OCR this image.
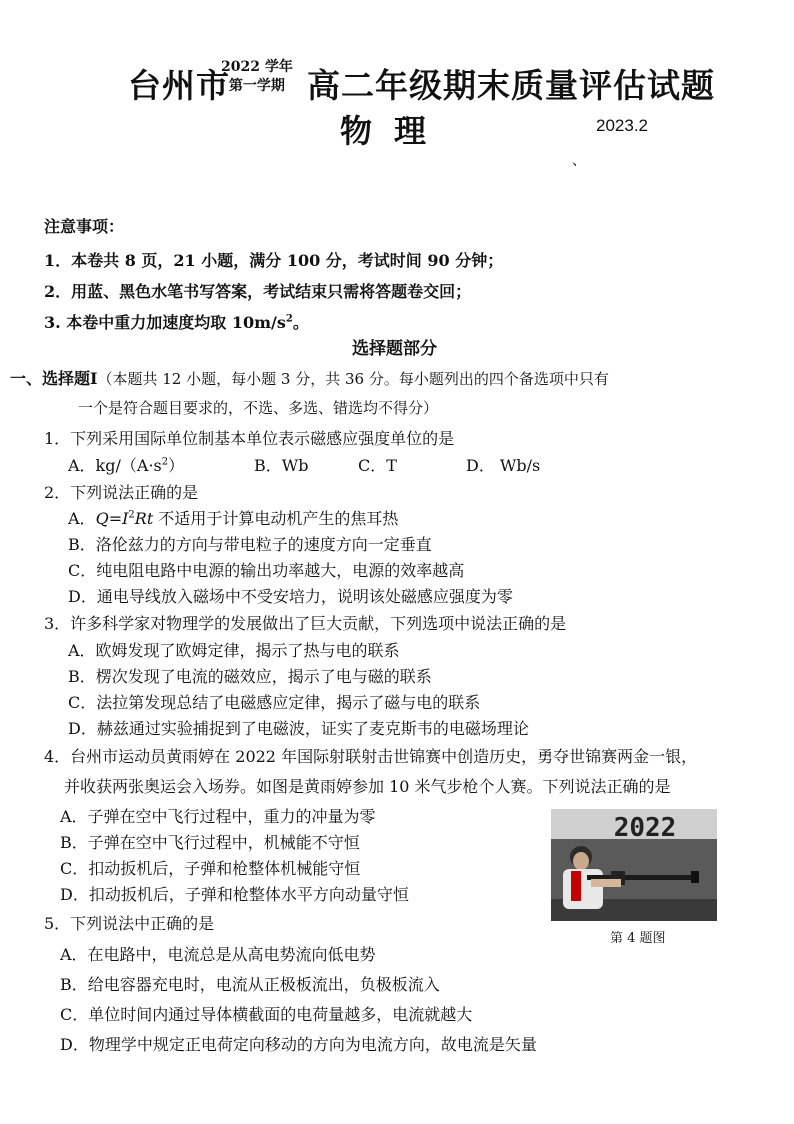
台州市
2022 学年
第一学期 高二年级期末质量评估试题
物理	2023.2
、
注意事项：
1．本卷共 8 页，21 小题，满分 100 分，考试时间 90 分钟；
2．用蓝、黑色水笔书写答案，考试结束只需将答题卷交回；
3. 本卷中重力加速度均取 $10m/s^2$。
选择题部分
一、选择题Ⅰ（本题共 12 小题，每小题 3 分，共 36 分。每小题列出的四个备选项中只有
一个是符合题目要求的，不选、多选、错选均不得分）
1．下列采用国际单位制基本单位表示磁感应强度单位的是
A．$kg/(A\cdot s^2)$	B．Wb	C．T	D． Wb/s
2．下列说法正确的是
A．$Q=I^2Rt$ 不适用于计算电动机产生的焦耳热
B．洛伦兹力的方向与带电粒子的速度方向一定垂直
C．纯电阻电路中电源的输出功率越大，电源的效率越高
D．通电导线放入磁场中不受安培力，说明该处磁感应强度为零
3．许多科学家对物理学的发展做出了巨大贡献，下列选项中说法正确的是
A．欧姆发现了欧姆定律，揭示了热与电的联系
B．楞次发现了电流的磁效应，揭示了电与磁的联系
C．法拉第发现总结了电磁感应定律，揭示了磁与电的联系
D．赫兹通过实验捕捉到了电磁波，证实了麦克斯韦的电磁场理论
4．台州市运动员黄雨婷在 2022 年国际射联射击世锦赛中创造历史，勇夺世锦赛两金一银，
并收获两张奥运会入场券。如图是黄雨婷参加 10 米气步枪个人赛。下列说法正确的是
A．子弹在空中飞行过程中，重力的冲量为零
B．子弹在空中飞行过程中，机械能不守恒
C．扣动扳机后，子弹和枪整体机械能守恒
D．扣动扳机后，子弹和枪整体水平方向动量守恒
2022
第 4 题图
5．下列说法中正确的是
A．在电路中，电流总是从高电势流向低电势
B．给电容器充电时，电流从正极板流出，负极板流入
C．单位时间内通过导体横截面的电荷量越多，电流就越大
D．物理学中规定正电荷定向移动的方向为电流方向，故电流是矢量
